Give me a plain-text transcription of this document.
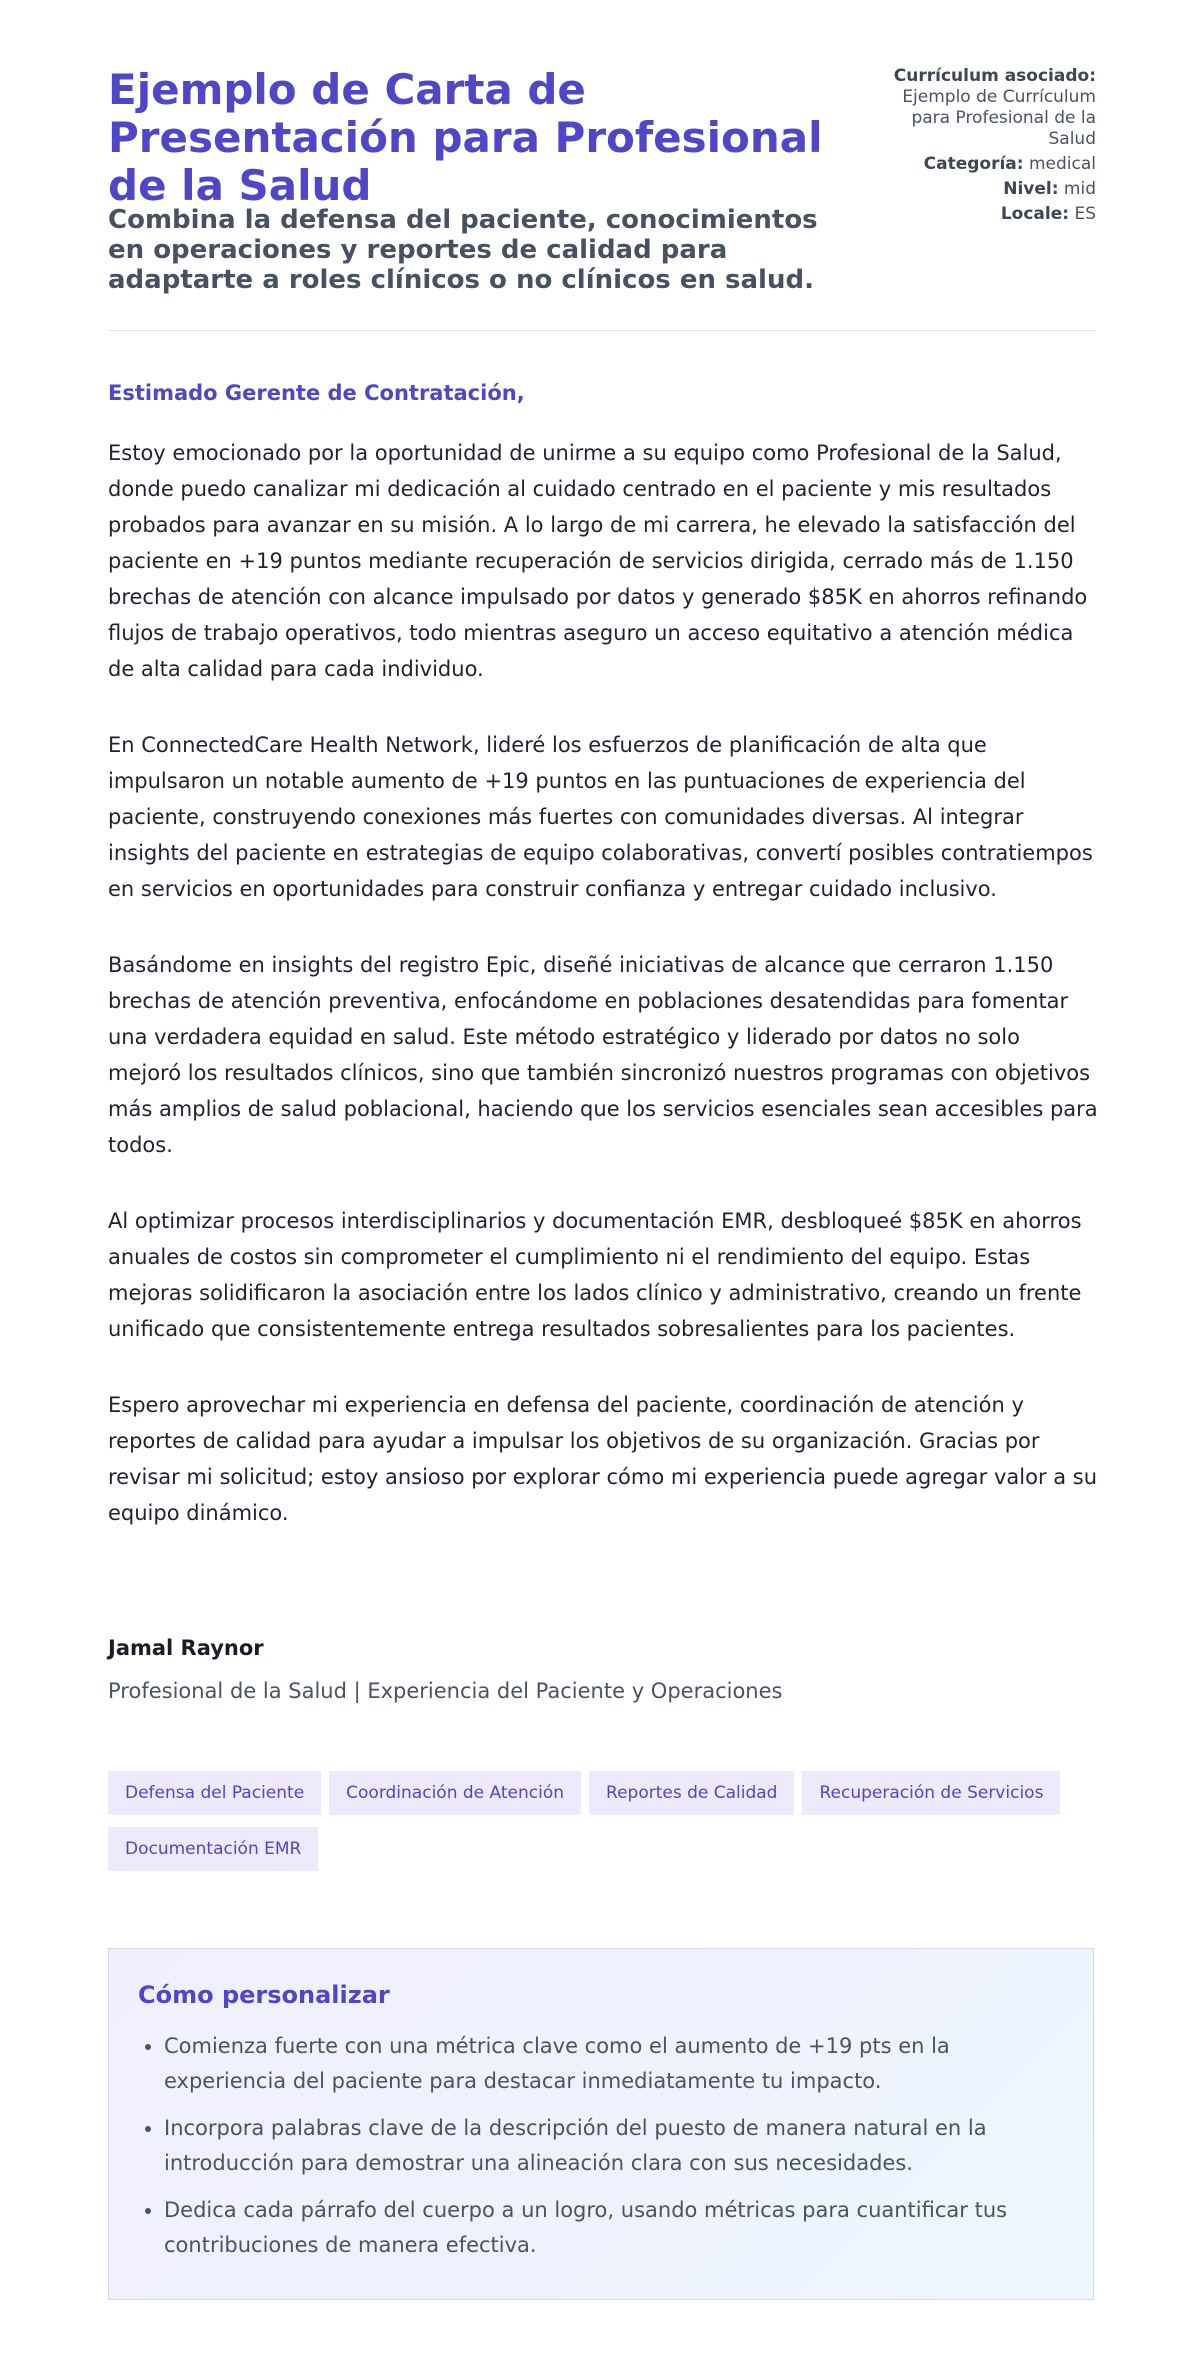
Ejemplo de Carta de Presentación para Profesional de la Salud
Combina la defensa del paciente, conocimientos en operaciones y reportes de calidad para adaptarte a roles clínicos o no clínicos en salud.
Currículum asociado:
Ejemplo de Currículum para Profesional de la Salud
Categoría: medical
Nivel: mid
Locale: ES
Estimado Gerente de Contratación,

Estoy emocionado por la oportunidad de unirme a su equipo como Profesional de la Salud, donde puedo canalizar mi dedicación al cuidado centrado en el paciente y mis resultados probados para avanzar en su misión. A lo largo de mi carrera, he elevado la satisfacción del paciente en +19 puntos mediante recuperación de servicios dirigida, cerrado más de 1.150 brechas de atención con alcance impulsado por datos y generado $85K en ahorros refinando flujos de trabajo operativos, todo mientras aseguro un acceso equitativo a atención médica de alta calidad para cada individuo.

En ConnectedCare Health Network, lideré los esfuerzos de planificación de alta que impulsaron un notable aumento de +19 puntos en las puntuaciones de experiencia del paciente, construyendo conexiones más fuertes con comunidades diversas. Al integrar insights del paciente en estrategias de equipo colaborativas, convertí posibles contratiempos en servicios en oportunidades para construir confianza y entregar cuidado inclusivo.

Basándome en insights del registro Epic, diseñé iniciativas de alcance que cerraron 1.150 brechas de atención preventiva, enfocándome en poblaciones desatendidas para fomentar una verdadera equidad en salud. Este método estratégico y liderado por datos no solo mejoró los resultados clínicos, sino que también sincronizó nuestros programas con objetivos más amplios de salud poblacional, haciendo que los servicios esenciales sean accesibles para todos.

Al optimizar procesos interdisciplinarios y documentación EMR, desbloqueé $85K en ahorros anuales de costos sin comprometer el cumplimiento ni el rendimiento del equipo. Estas mejoras solidificaron la asociación entre los lados clínico y administrativo, creando un frente unificado que consistentemente entrega resultados sobresalientes para los pacientes.

Espero aprovechar mi experiencia en defensa del paciente, coordinación de atención y reportes de calidad para ayudar a impulsar los objetivos de su organización. Gracias por revisar mi solicitud; estoy ansioso por explorar cómo mi experiencia puede agregar valor a su equipo dinámico.

Jamal Raynor
Profesional de la Salud | Experiencia del Paciente y Operaciones
Defensa del Paciente Coordinación de Atención Reportes de Calidad Recuperación de ServiciosDocumentación EMR
Cómo personalizar
• Comienza fuerte con una métrica clave como el aumento de +19 pts en la experiencia del paciente para destacar inmediatamente tu impacto.
• Incorpora palabras clave de la descripción del puesto de manera natural en la introducción para demostrar una alineación clara con sus necesidades.
• Dedica cada párrafo del cuerpo a un logro, usando métricas para cuantificar tus contribuciones de manera efectiva.
